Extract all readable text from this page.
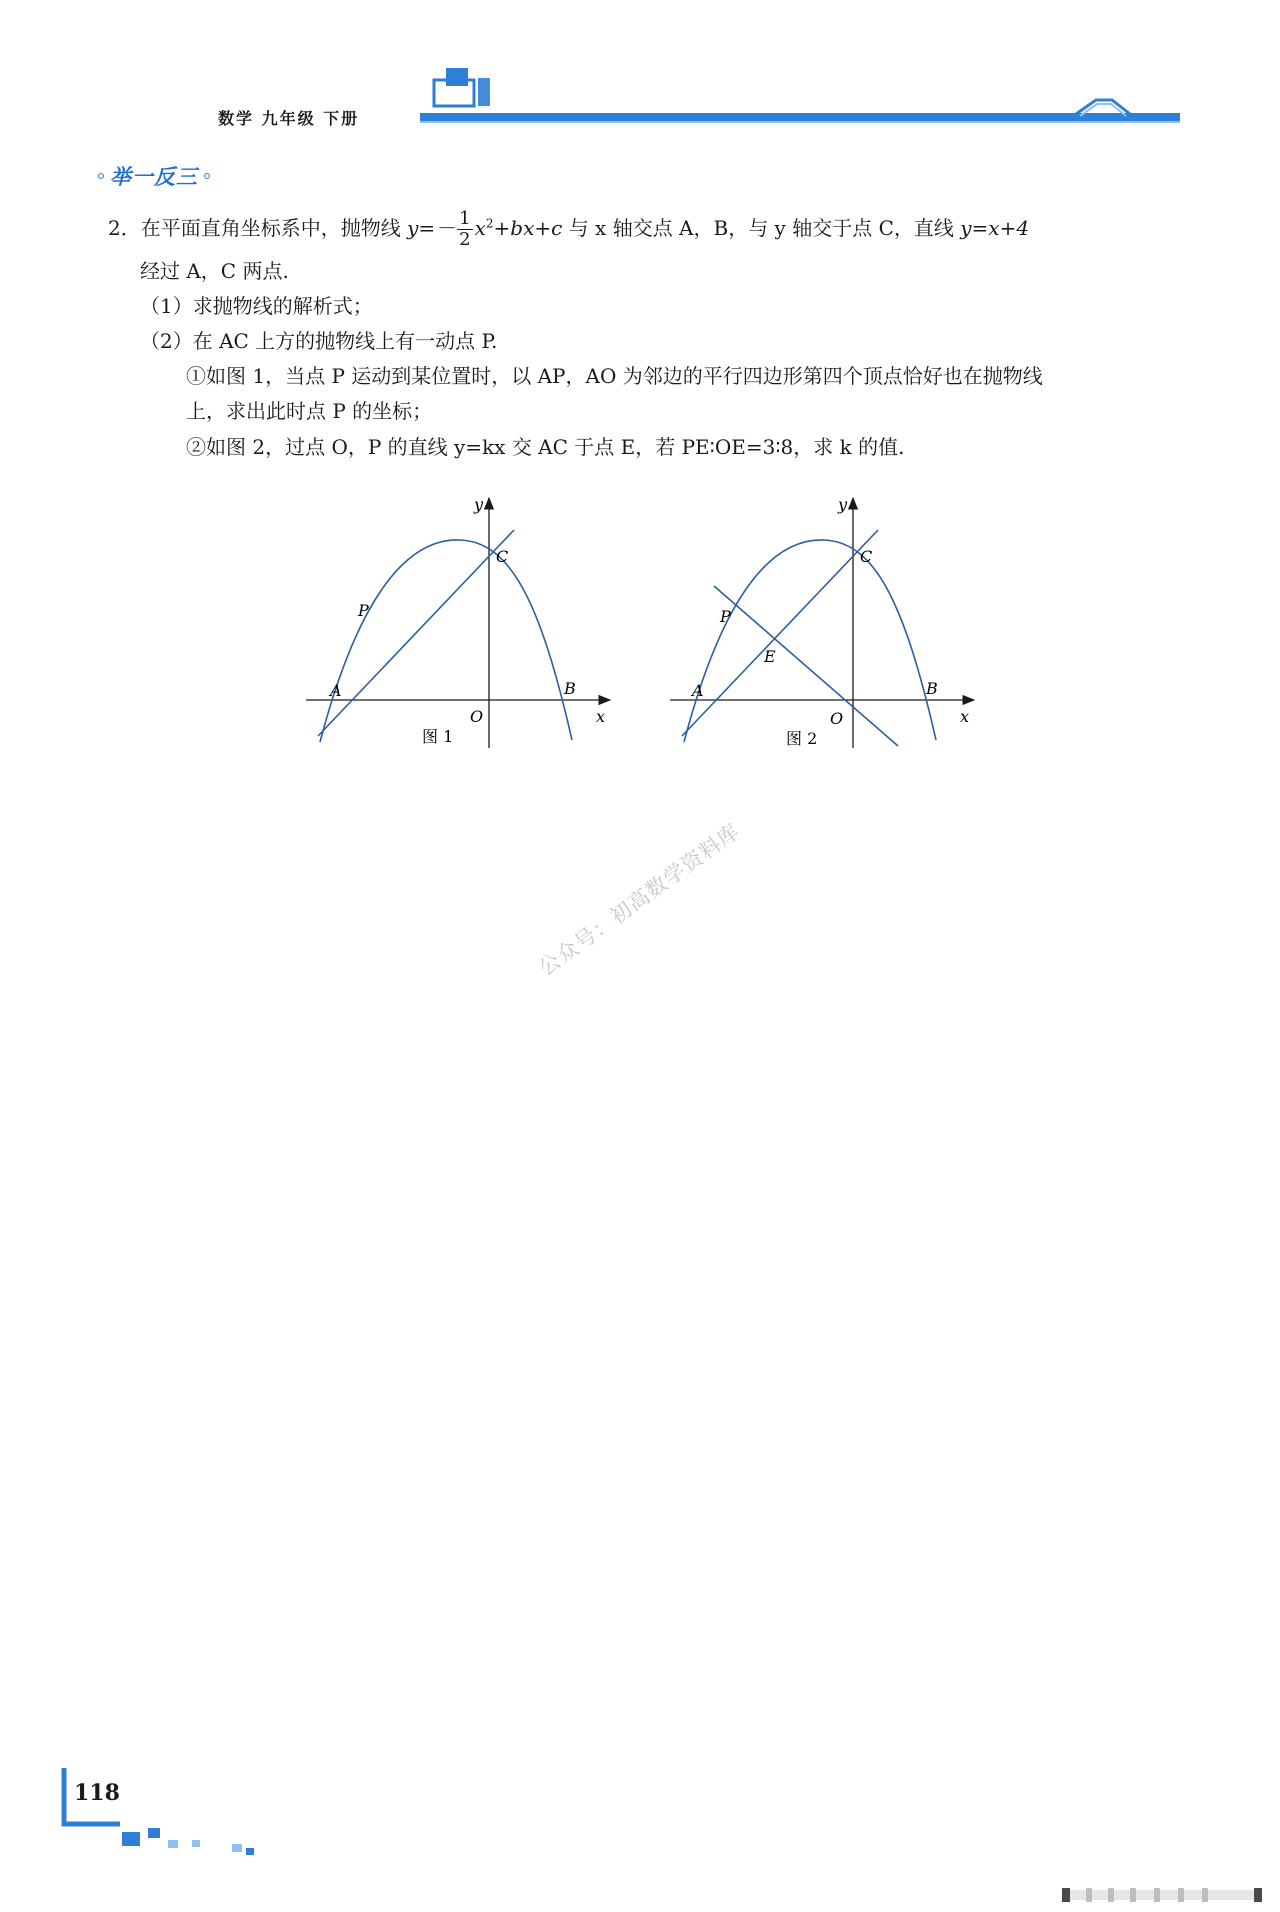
数学 九年级 下册
举一反三
2．在平面直角坐标系中，抛物线 $y=- \frac{1}{2} x^2+bx+c$ 与 x 轴交点 A，B，与 y 轴交于点 C，直线 y=x+4
经过 A，C 两点.
（1）求抛物线的解析式；
（2）在 AC 上方的抛物线上有一动点 P.
①如图 1，当点 P 运动到某位置时，以 AP，AO 为邻边的平行四边形第四个顶点恰好也在抛物线
上，求出此时点 P 的坐标；
②如图 2，过点 O，P 的直线 y=kx 交 AC 于点 E，若 PE∶OE=3∶8，求 k 的值.
y
x
A	B
C
O
P
图 1
y
x
A	B
C
O
P
E
图 2
公众号：初高数学资料库
118
